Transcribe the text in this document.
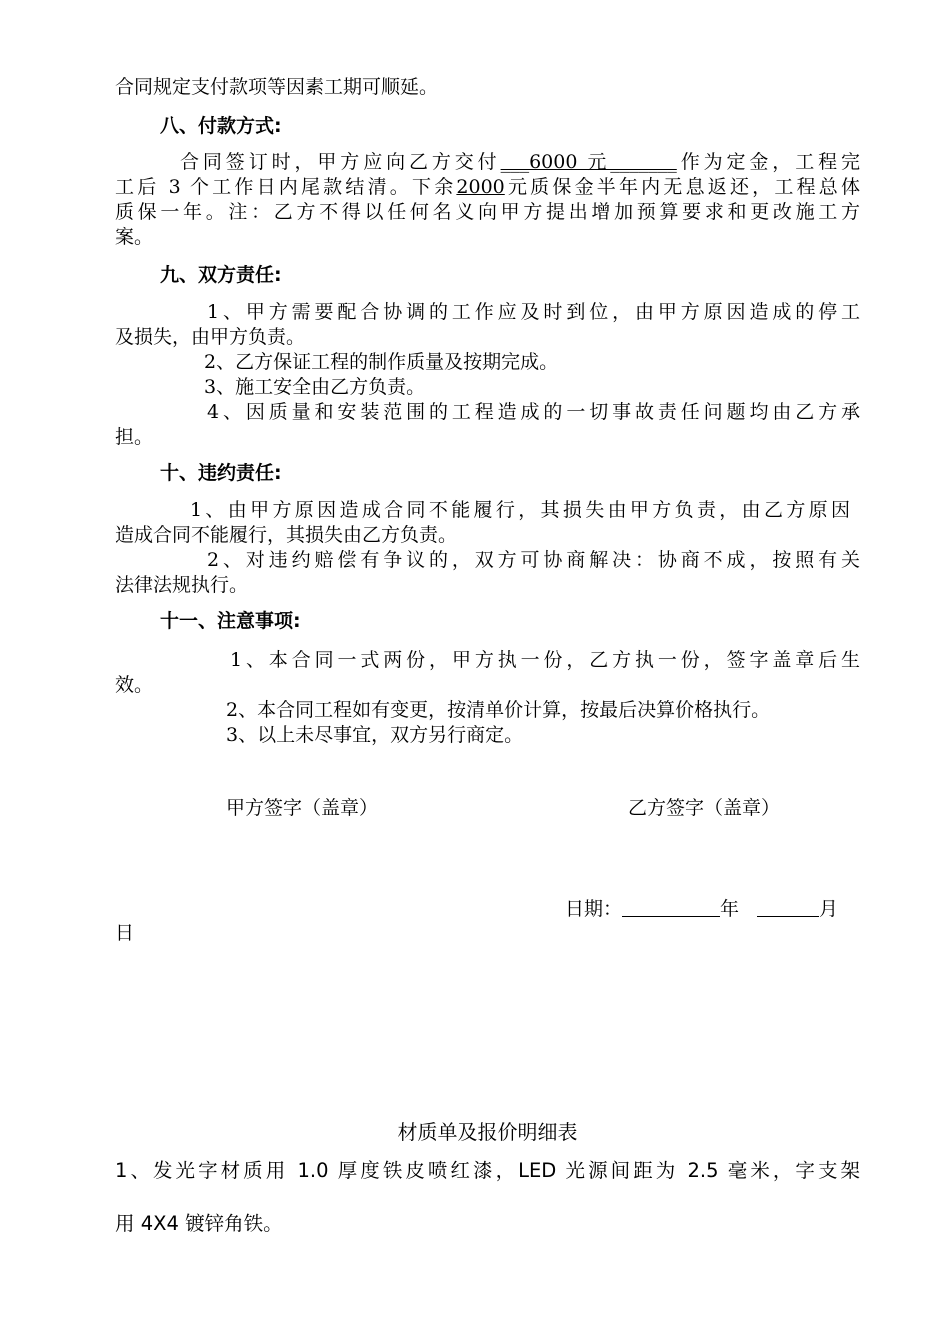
合同规定支付款项等因素工期可顺延。
八、付款方式:
合同签订时，甲方应向乙方交付___6000 元_______作为定金，工程完
工后 3 个工作日内尾款结清。下余2000元质保金半年内无息返还，工程总体
质保一年。注：乙方不得以任何名义向甲方提出增加预算要求和更改施工方
案。
九、双方责任:
1、甲方需要配合协调的工作应及时到位，由甲方原因造成的停工
及损失，由甲方负责。
2、乙方保证工程的制作质量及按期完成。
3、施工安全由乙方负责。
4、因质量和安装范围的工程造成的一切事故责任问题均由乙方承
担。
十、违约责任:
1、由甲方原因造成合同不能履行，其损失由甲方负责，由乙方原因
造成合同不能履行，其损失由乙方负责。
2、对违约赔偿有争议的，双方可协商解决：协商不成，按照有关
法律法规执行。
十一、注意事项:
1、本合同一式两份，甲方执一份，乙方执一份，签字盖章后生
效。
2、本合同工程如有变更，按清单价计算，按最后决算价格执行。
3、以上未尽事宜，双方另行商定。
甲方签字（盖章）	乙方签字（盖章）
日期：	年	月
日
材质单及报价明细表
1、发光字材质用 1.0 厚度铁皮喷红漆，LED 光源间距为 2.5 毫米，字支架
用 4X4 镀锌角铁。
